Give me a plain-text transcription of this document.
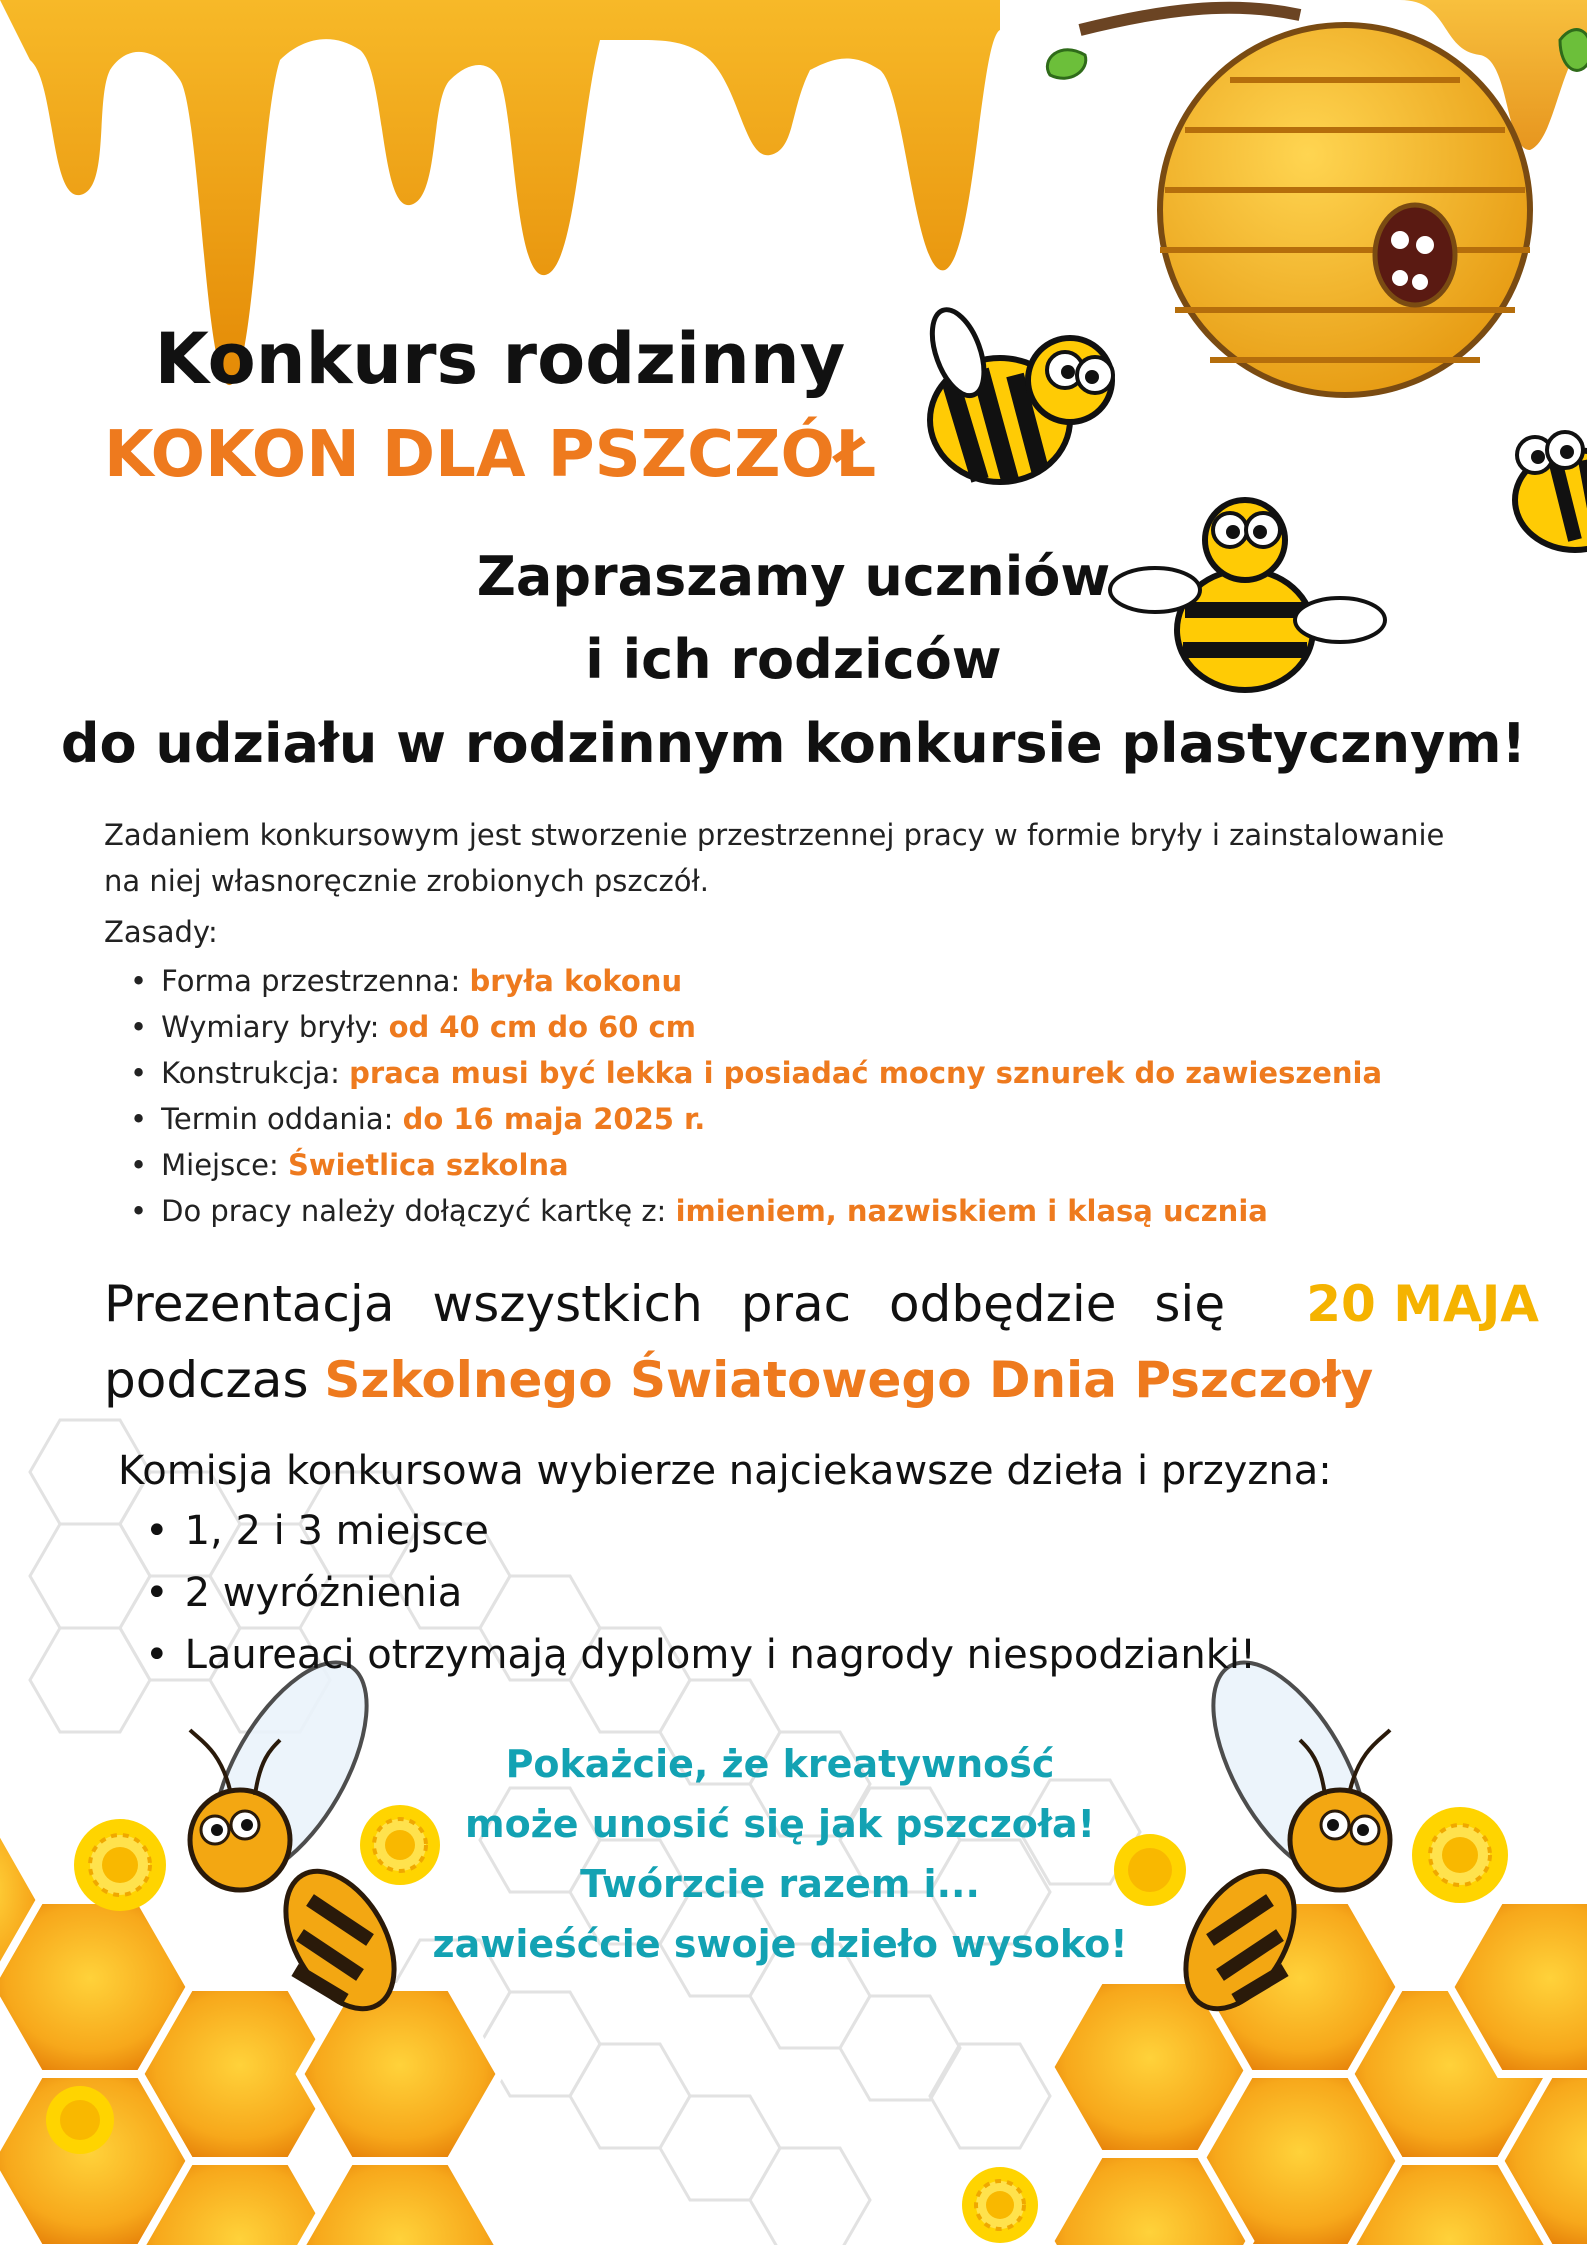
Konkurs rodzinny
KOKON DLA PSZCZÓŁ
Zapraszamy uczniów
i ich rodziców
do udziału w rodzinnym konkursie plastycznym!
Zadaniem konkursowym jest stworzenie przestrzennej pracy w formie bryły i zainstalowanie
na niej własnoręcznie zrobionych pszczół.
Zasady:
• Forma przestrzenna: bryła kokonu
• Wymiary bryły: od 40 cm do 60 cm
• Konstrukcja: praca musi być lekka i posiadać mocny sznurek do zawieszenia
• Termin oddania: do 16 maja 2025 r.
• Miejsce: Świetlica szkolna
• Do pracy należy dołączyć kartkę z: imieniem, nazwiskiem i klasą ucznia
Prezentacja wszystkich prac odbędzie się 20 MAJA
podczas Szkolnego Światowego Dnia Pszczoły
Komisja konkursowa wybierze najciekawsze dzieła i przyzna:
• 1, 2 i 3 miejsce
• 2 wyróżnienia
• Laureaci otrzymają dyplomy i nagrody niespodzianki!
Pokażcie, że kreatywność
może unosić się jak pszczoła!
Twórzcie razem i...
zawieśćcie swoje dzieło wysoko!
